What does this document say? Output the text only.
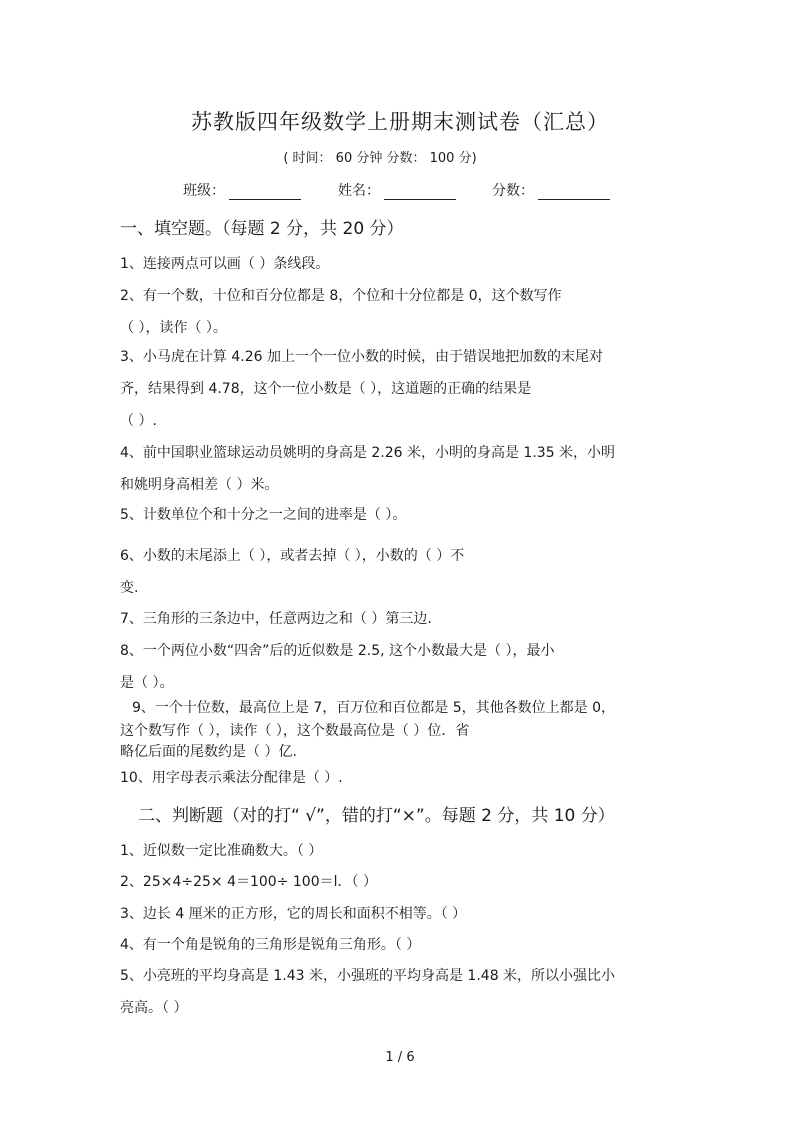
苏教版四年级数学上册期末测试卷（汇总）
( 时间： 60 分钟 分数： 100 分)
班级：	姓名：	分数：
一、填空题。（每题 2 分，共 20 分）
1、连接两点可以画（ ）条线段。
2、有一个数，十位和百分位都是 8，个位和十分位都是 0，这个数写作
（ ），读作（ ）。
3、小马虎在计算 4.26 加上一个一位小数的时候，由于错误地把加数的末尾对
齐，结果得到 4.78，这个一位小数是（ ），这道题的正确的结果是
（ ）.
4、前中国职业篮球运动员姚明的身高是 2.26 米，小明的身高是 1.35 米，小明
和姚明身高相差（ ）米。
5、计数单位个和十分之一之间的进率是（ ）。
6、小数的末尾添上（ ），或者去掉（ ），小数的（ ）不
变.
7、三角形的三条边中，任意两边之和（ ）第三边.
8、一个两位小数“四舍”后的近似数是 2.5, 这个小数最大是（ ），最小
是（ ）。
9、一个十位数，最高位上是 7，百万位和百位都是 5，其他各数位上都是 0，
这个数写作（ ），读作（ ），这个数最高位是（ ）位．省
略亿后面的尾数约是（ ）亿.
10、用字母表示乘法分配律是（ ）.
二、判断题（对的打“ √”，错的打“×”。每题 2 分，共 10 分）
1、近似数一定比准确数大。（ ）
2、25×4÷25× 4＝100÷ 100＝l．（ ）
3、边长 4 厘米的正方形，它的周长和面积不相等。（ ）
4、有一个角是锐角的三角形是锐角三角形。（ ）
5、小亮班的平均身高是 1.43 米，小强班的平均身高是 1.48 米，所以小强比小
亮高。（ ）
1 / 6
